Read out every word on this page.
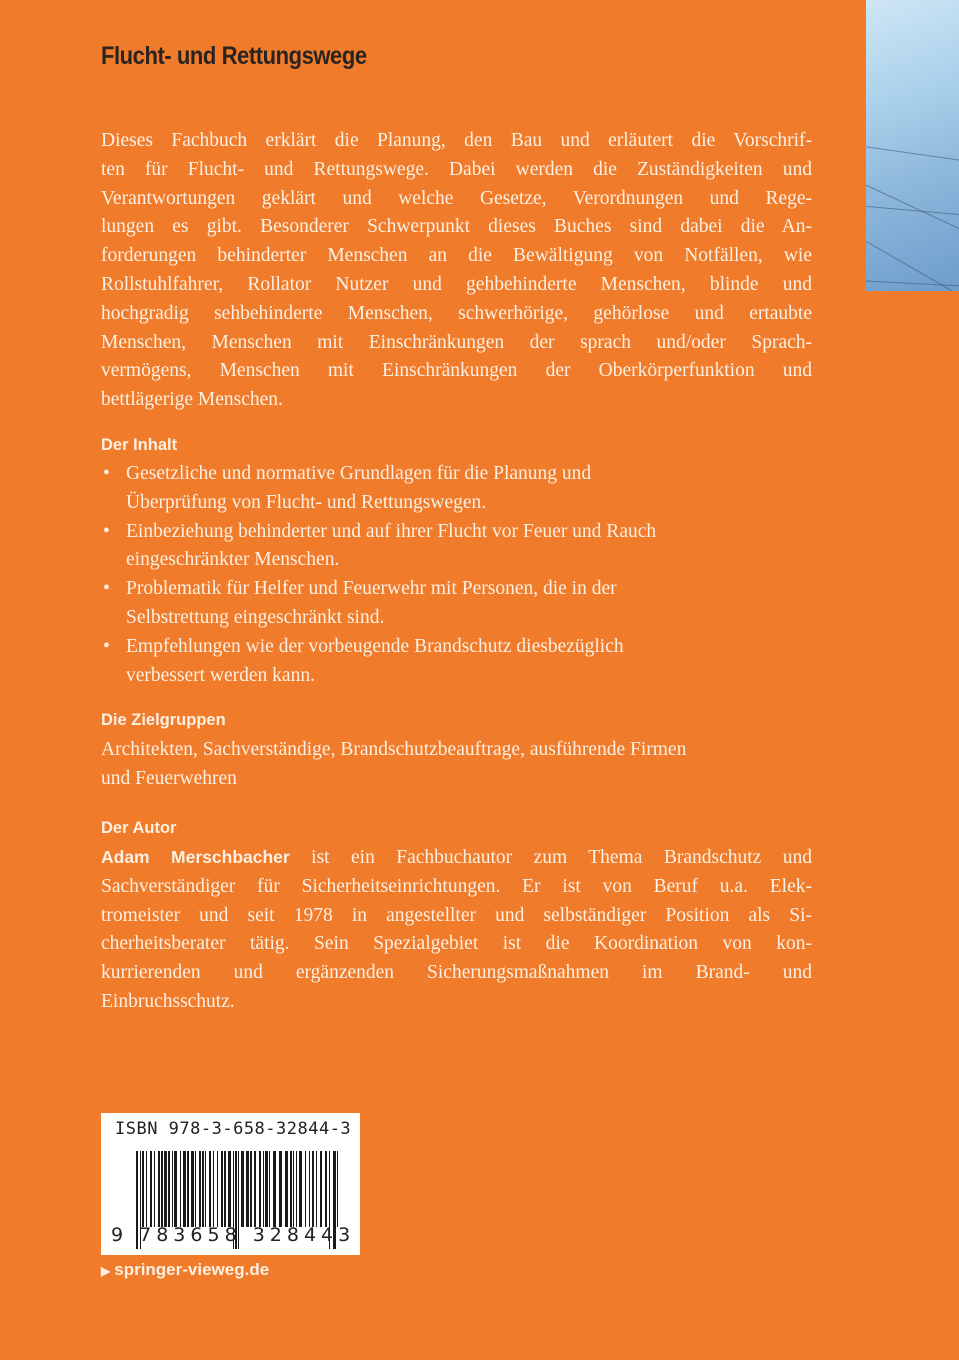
Flucht- und Rettungswege
Dieses Fachbuch erklärt die Planung, den Bau und erläutert die Vorschrif-
ten für Flucht- und Rettungswege. Dabei werden die Zuständigkeiten und
Verantwortungen geklärt und welche Gesetze, Verordnungen und Rege-
lungen es gibt. Besonderer Schwerpunkt dieses Buches sind dabei die An-
forderungen behinderter Menschen an die Bewältigung von Notfällen, wie
Rollstuhlfahrer, Rollator Nutzer und gehbehinderte Menschen, blinde und
hochgradig sehbehinderte Menschen, schwerhörige, gehörlose und ertaubte
Menschen, Menschen mit Einschränkungen der sprach und/oder Sprach-
vermögens, Menschen mit Einschränkungen der Oberkörperfunktion und
bettlägerige Menschen.
Der Inhalt
• Gesetzliche und normative Grundlagen für die Planung und
Überprüfung von Flucht- und Rettungswegen.
• Einbeziehung behinderter und auf ihrer Flucht vor Feuer und Rauch
eingeschränkter Menschen.
• Problematik für Helfer und Feuerwehr mit Personen, die in der
Selbstrettung eingeschränkt sind.
• Empfehlungen wie der vorbeugende Brandschutz diesbezüglich
verbessert werden kann.
Die Zielgruppen
Architekten, Sachverständige, Brandschutzbeauftrage, ausführende Firmen
und Feuerwehren
Der Autor
Adam Merschbacher ist ein Fachbuchautor zum Thema Brandschutz und
Sachverständiger für Sicherheitseinrichtungen. Er ist von Beruf u.a. Elek-
tromeister und seit 1978 in angestellter und selbständiger Position als Si-
cherheitsberater tätig. Sein Spezialgebiet ist die Koordination von kon-
kurrierenden und ergänzenden Sicherungsmaßnahmen im Brand- und
Einbruchsschutz.
ISBN 978-3-658-32844-3
9 783658 328443
▶ springer-vieweg.de
